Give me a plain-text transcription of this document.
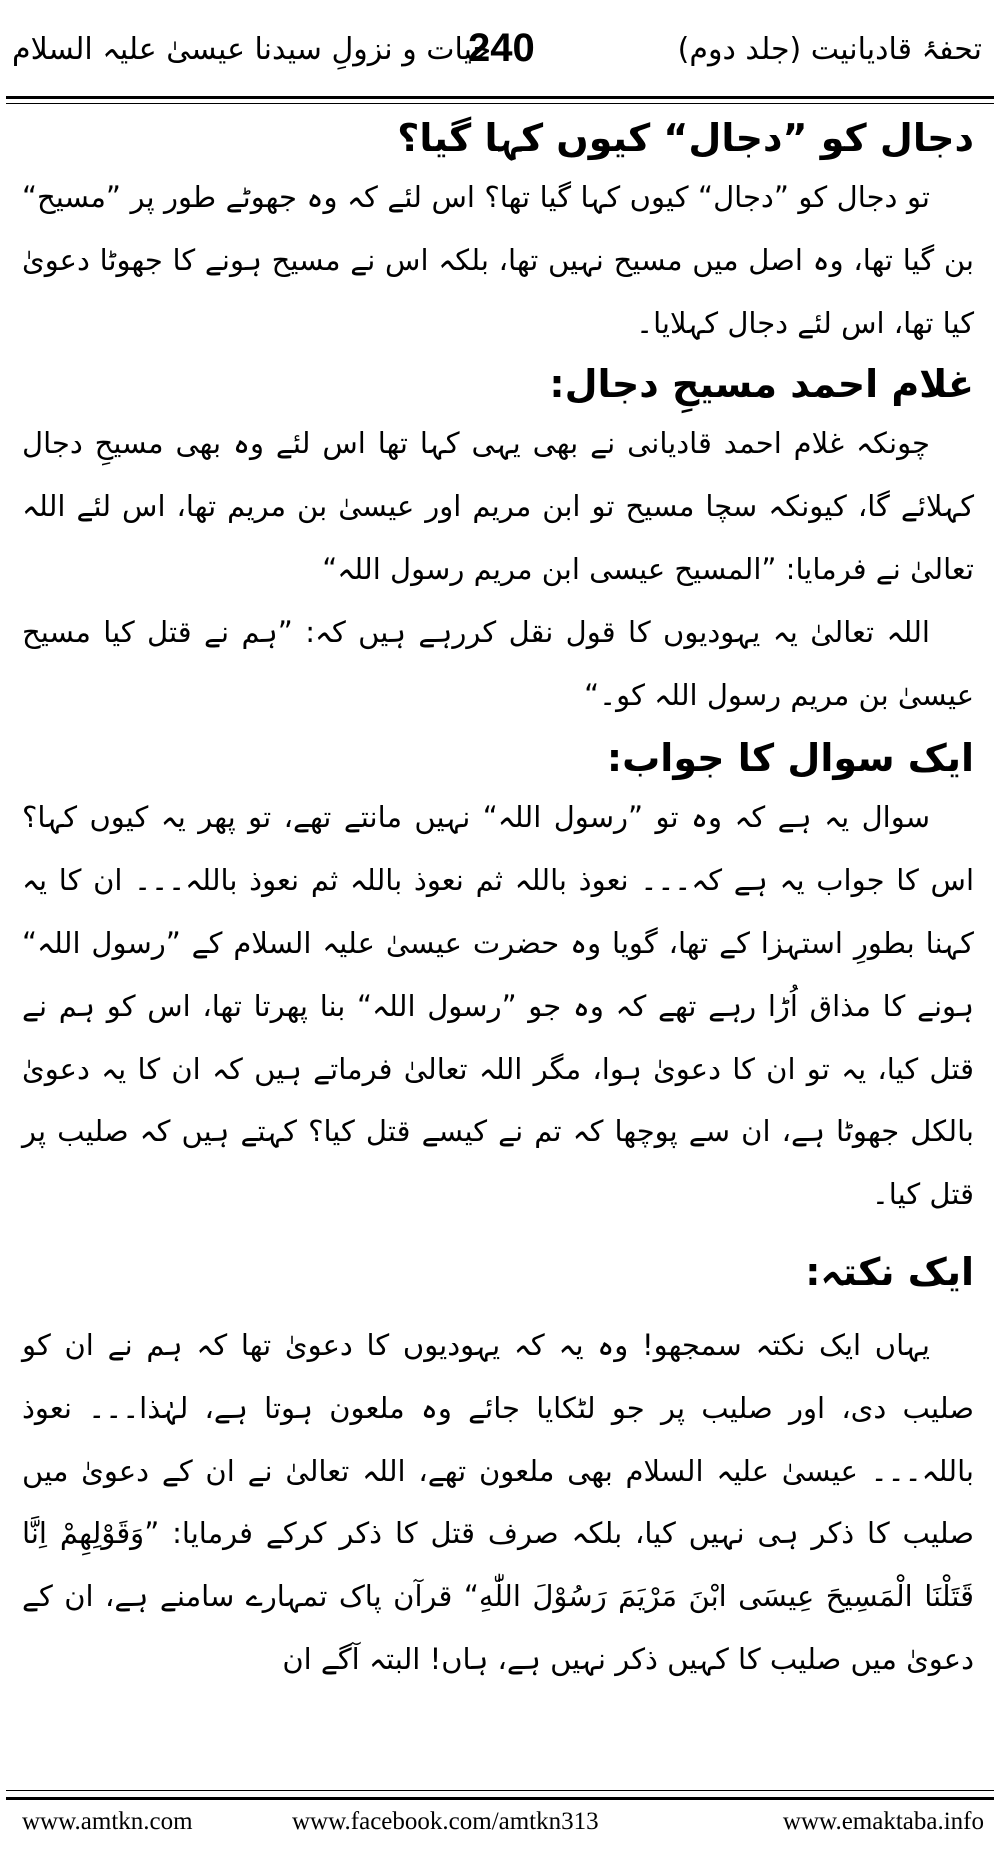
تحفۂ قادیانیت (جلد دوم)
240
حیات و نزولِ سیدنا عیسیٰ علیہ السلام
دجال کو ”دجال“ کیوں کہا گیا؟

تو دجال کو ”دجال“ کیوں کہا گیا تھا؟ اس لئے کہ وہ جھوٹے طور پر ”مسیح“ بن گیا تھا، وہ اصل میں مسیح نہیں تھا، بلکہ اس نے مسیح ہونے کا جھوٹا دعویٰ کیا تھا، اس لئے دجال کہلایا۔

غلام احمد مسیحِ دجال:

چونکہ غلام احمد قادیانی نے بھی یہی کہا تھا اس لئے وہ بھی مسیحِ دجال کہلائے گا، کیونکہ سچا مسیح تو ابن مریم اور عیسیٰ بن مریم تھا، اس لئے اللہ تعالیٰ نے فرمایا: ”المسیح عیسی ابن مریم رسول اللہ“

اللہ تعالیٰ یہ یہودیوں کا قول نقل کررہے ہیں کہ: ”ہم نے قتل کیا مسیح عیسیٰ بن مریم رسول اللہ کو۔“

ایک سوال کا جواب:

سوال یہ ہے کہ وہ تو ”رسول اللہ“ نہیں مانتے تھے، تو پھر یہ کیوں کہا؟ اس کا جواب یہ ہے کہ۔۔۔ نعوذ باللہ ثم نعوذ باللہ ثم نعوذ باللہ۔۔۔ ان کا یہ کہنا بطورِ استہزا کے تھا، گویا وہ حضرت عیسیٰ علیہ السلام کے ”رسول اللہ“ ہونے کا مذاق اُڑا رہے تھے کہ وہ جو ”رسول اللہ“ بنا پھرتا تھا، اس کو ہم نے قتل کیا، یہ تو ان کا دعویٰ ہوا، مگر اللہ تعالیٰ فرماتے ہیں کہ ان کا یہ دعویٰ بالکل جھوٹا ہے، ان سے پوچھا کہ تم نے کیسے قتل کیا؟ کہتے ہیں کہ صلیب پر قتل کیا۔

ایک نکتہ:

یہاں ایک نکتہ سمجھو! وہ یہ کہ یہودیوں کا دعویٰ تھا کہ ہم نے ان کو صلیب دی، اور صلیب پر جو لٹکایا جائے وہ ملعون ہوتا ہے، لہٰذا۔۔۔ نعوذ باللہ۔۔۔ عیسیٰ علیہ السلام بھی ملعون تھے، اللہ تعالیٰ نے ان کے دعویٰ میں صلیب کا ذکر ہی نہیں کیا، بلکہ صرف قتل کا ذکر کرکے فرمایا: ”وَقَوْلِهِمْ اِنَّا قَتَلْنَا الْمَسِيحَ عِيسَى ابْنَ مَرْيَمَ رَسُوْلَ اللّٰهِ“ قرآن پاک تمہارے سامنے ہے، ان کے دعویٰ میں صلیب کا کہیں ذکر نہیں ہے، ہاں! البتہ آگے ان

www.amtkn.com	www.facebook.com/amtkn313	www.emaktaba.info
